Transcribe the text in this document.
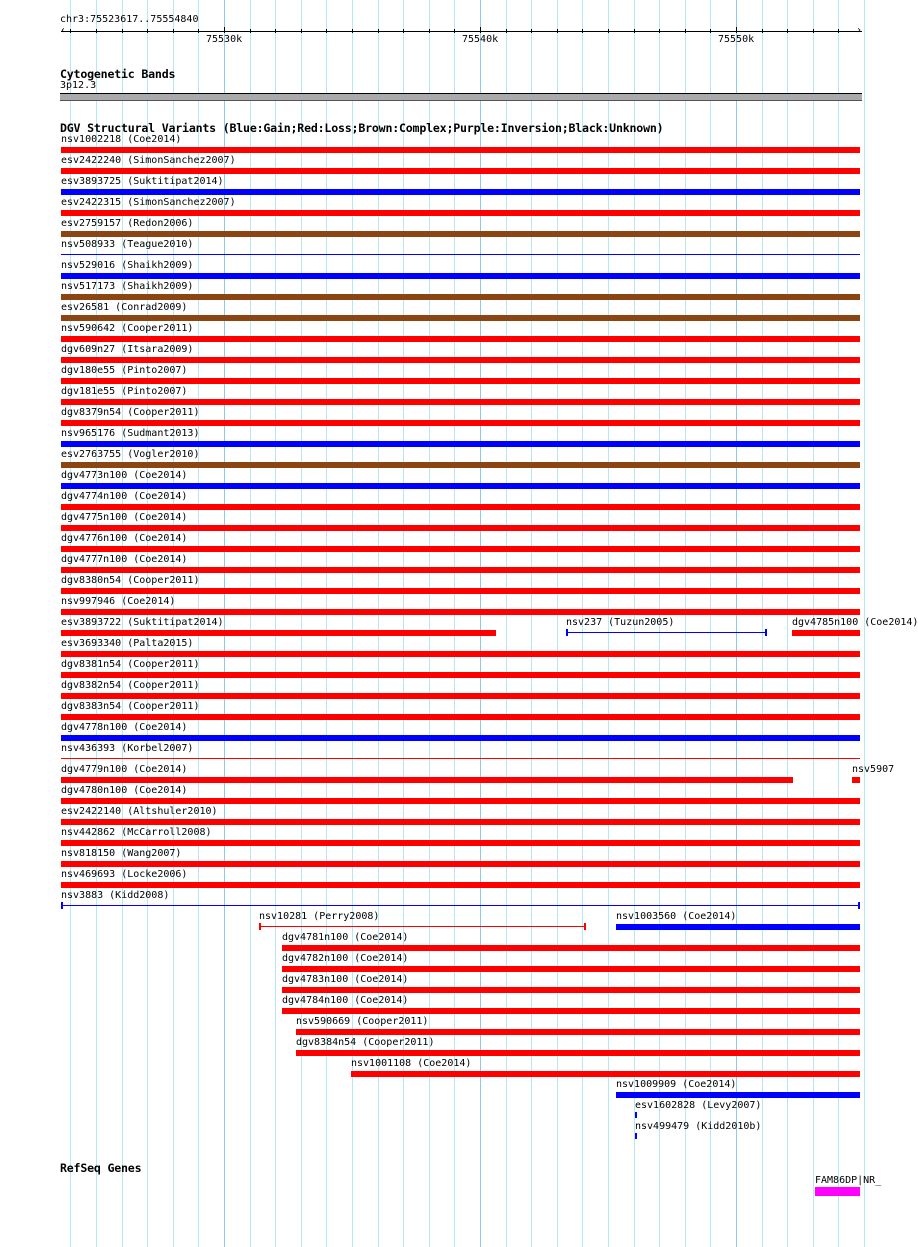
chr3:75523617..75554840
‹	›
75530k	75540k	75550k
Cytogenetic Bands
3p12.3
DGV Structural Variants (Blue:Gain;Red:Loss;Brown:Complex;Purple:Inversion;Black:Unknown)
nsv1002218 (Coe2014)
esv2422240 (SimonSanchez2007)
esv3893725 (Suktitipat2014)
esv2422315 (SimonSanchez2007)
esv2759157 (Redon2006)
nsv508933 (Teague2010)
nsv529016 (Shaikh2009)
nsv517173 (Shaikh2009)
esv26581 (Conrad2009)
nsv590642 (Cooper2011)
dgv609n27 (Itsara2009)
dgv180e55 (Pinto2007)
dgv181e55 (Pinto2007)
dgv8379n54 (Cooper2011)
nsv965176 (Sudmant2013)
esv2763755 (Vogler2010)
dgv4773n100 (Coe2014)
dgv4774n100 (Coe2014)
dgv4775n100 (Coe2014)
dgv4776n100 (Coe2014)
dgv4777n100 (Coe2014)
dgv8380n54 (Cooper2011)
nsv997946 (Coe2014)
esv3893722 (Suktitipat2014)	nsv237 (Tuzun2005)	dgv4785n100 (Coe2014)
esv3693340 (Palta2015)
dgv8381n54 (Cooper2011)
dgv8382n54 (Cooper2011)
dgv8383n54 (Cooper2011)
dgv4778n100 (Coe2014)
nsv436393 (Korbel2007)
dgv4779n100 (Coe2014)	nsv5907
dgv4780n100 (Coe2014)
esv2422140 (Altshuler2010)
nsv442862 (McCarroll2008)
nsv818150 (Wang2007)
nsv469693 (Locke2006)
nsv3883 (Kidd2008)
nsv10281 (Perry2008)	nsv1003560 (Coe2014)
dgv4781n100 (Coe2014)
dgv4782n100 (Coe2014)
dgv4783n100 (Coe2014)
dgv4784n100 (Coe2014)
nsv590669 (Cooper2011)
dgv8384n54 (Cooper2011)
nsv1001108 (Coe2014)
nsv1009909 (Coe2014)
esv1602828 (Levy2007)
nsv499479 (Kidd2010b)
RefSeq Genes
FAM86DP|NR_
